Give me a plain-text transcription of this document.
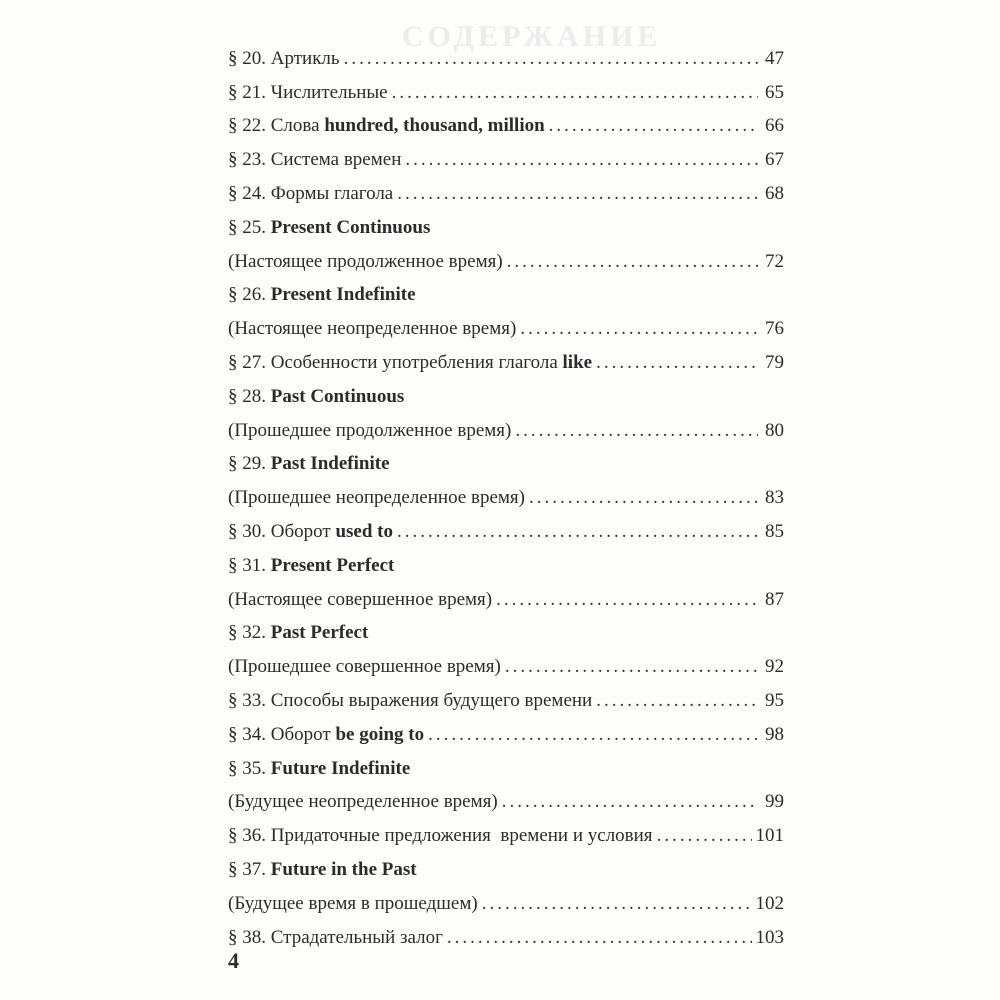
СОДЕРЖАНИЕ
§ 20. Артикль .....	47
§ 21. Числительные .....	65
§ 22. Слова hundred, thousand, million .....	66
§ 23. Система времен .....	67
§ 24. Формы глагола .....	68
§ 25. Present Continuous
(Настоящее продолженное время) .....	72
§ 26. Present Indefinite
(Настоящее неопределенное время) .....	76
§ 27. Особенности употребления глагола like .....	79
§ 28. Past Continuous
(Прошедшее продолженное время) .....	80
§ 29. Past Indefinite
(Прошедшее неопределенное время) .....	83
§ 30. Оборот used to .....	85
§ 31. Present Perfect
(Настоящее совершенное время) .....	87
§ 32. Past Perfect
(Прошедшее совершенное время) .....	92
§ 33. Способы выражения будущего времени .....	95
§ 34. Оборот be going to .....	98
§ 35. Future Indefinite
(Будущее неопределенное время) .....	99
§ 36. Придаточные предложения  времени и условия .....	101
§ 37. Future in the Past
(Будущее время в прошедшем) .....	102
§ 38. Страдательный залог .....	103
4
